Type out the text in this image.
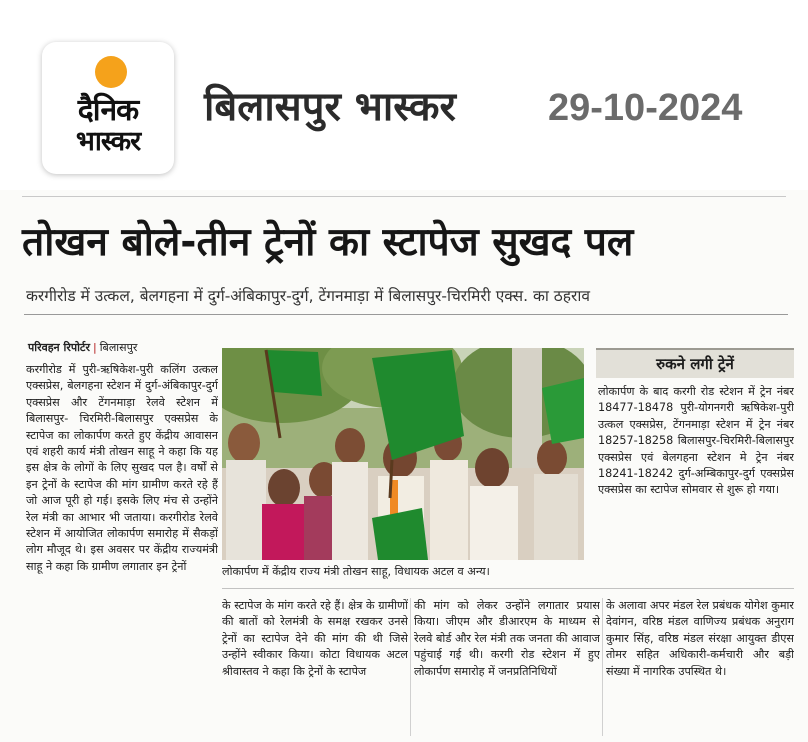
दैनिक
भास्कर
बिलासपुर भास्कर 29-10-2024
तोखन बोले-तीन ट्रेनों का स्टापेज सुखद पल
करगीरोड में उत्कल, बेलगहना में दुर्ग-अंबिकापुर-दुर्ग, टेंगनमाड़ा में बिलासपुर-चिरमिरी एक्स. का ठहराव
परिवहन रिपोर्टर | बिलासपुर
करगीरोड में पुरी-ऋषिकेश-पुरी कलिंग उत्कल एक्सप्रेस, बेलगहना स्टेशन में दुर्ग-अंबिकापुर-दुर्ग एक्सप्रेस और टेंगनमाड़ा रेलवे स्टेशन में बिलासपुर- चिरमिरी-बिलासपुर एक्सप्रेस के स्टापेज का लोकार्पण करते हुए केंद्रीय आवासन एवं शहरी कार्य मंत्री तोखन साहू ने कहा कि यह इस क्षेत्र के लोगों के लिए सुखद पल है। वर्षों से इन ट्रेनों के स्टापेज की मांग ग्रामीण करते रहे हैं जो आज पूरी हो गई। इसके लिए मंच से उन्होंने रेल मंत्री का आभार भी जताया। करगीरोड रेलवे स्टेशन में आयोजित लोकार्पण समारोह में सैकड़ों लोग मौजूद थे। इस अवसर पर केंद्रीय राज्यमंत्री साहू ने कहा कि ग्रामीण लगातार इन ट्रेनों	लोकार्पण में केंद्रीय राज्य मंत्री तोखन साहू, विधायक अटल व अन्य।
रुकने लगी ट्रेनें
लोकार्पण के बाद करगी रोड स्टेशन में ट्रेन नंबर 18477-18478 पुरी-योगनगरी ऋषिकेश-पुरी उत्कल एक्सप्रेस, टेंगनमाड़ा स्टेशन में ट्रेन नंबर 18257-18258 बिलासपुर-चिरमिरी-बिलासपुर एक्सप्रेस एवं बेलगहना स्टेशन मे ट्रेन नंबर 18241-18242 दुर्ग-अम्बिकापुर-दुर्ग एक्सप्रेस एक्सप्रेस का स्टापेज सोमवार से शुरू हो गया।
के स्टापेज के मांग करते रहे हैं। क्षेत्र के ग्रामीणों की बातों को रेलमंत्री के समक्ष रखकर उनसे ट्रेनों का स्टापेज देने की मांग की थी जिसे उन्होंने स्वीकार किया। कोटा विधायक अटल श्रीवास्तव ने कहा कि ट्रेनों के स्टापेज
की मांग को लेकर उन्होंने लगातार प्रयास किया। जीएम और डीआरएम के माध्यम से रेलवे बोर्ड और रेल मंत्री तक जनता की आवाज पहुंचाई गई थी। करगी रोड स्टेशन में हुए लोकार्पण समारोह में जनप्रतिनिधियों
के अलावा अपर मंडल रेल प्रबंधक योगेश कुमार देवांगन, वरिष्ठ मंडल वाणिज्य प्रबंधक अनुराग कुमार सिंह, वरिष्ठ मंडल संरक्षा आयुक्त डीएस तोमर सहित अधिकारी-कर्मचारी और बड़ी संख्या में नागरिक उपस्थित थे।
